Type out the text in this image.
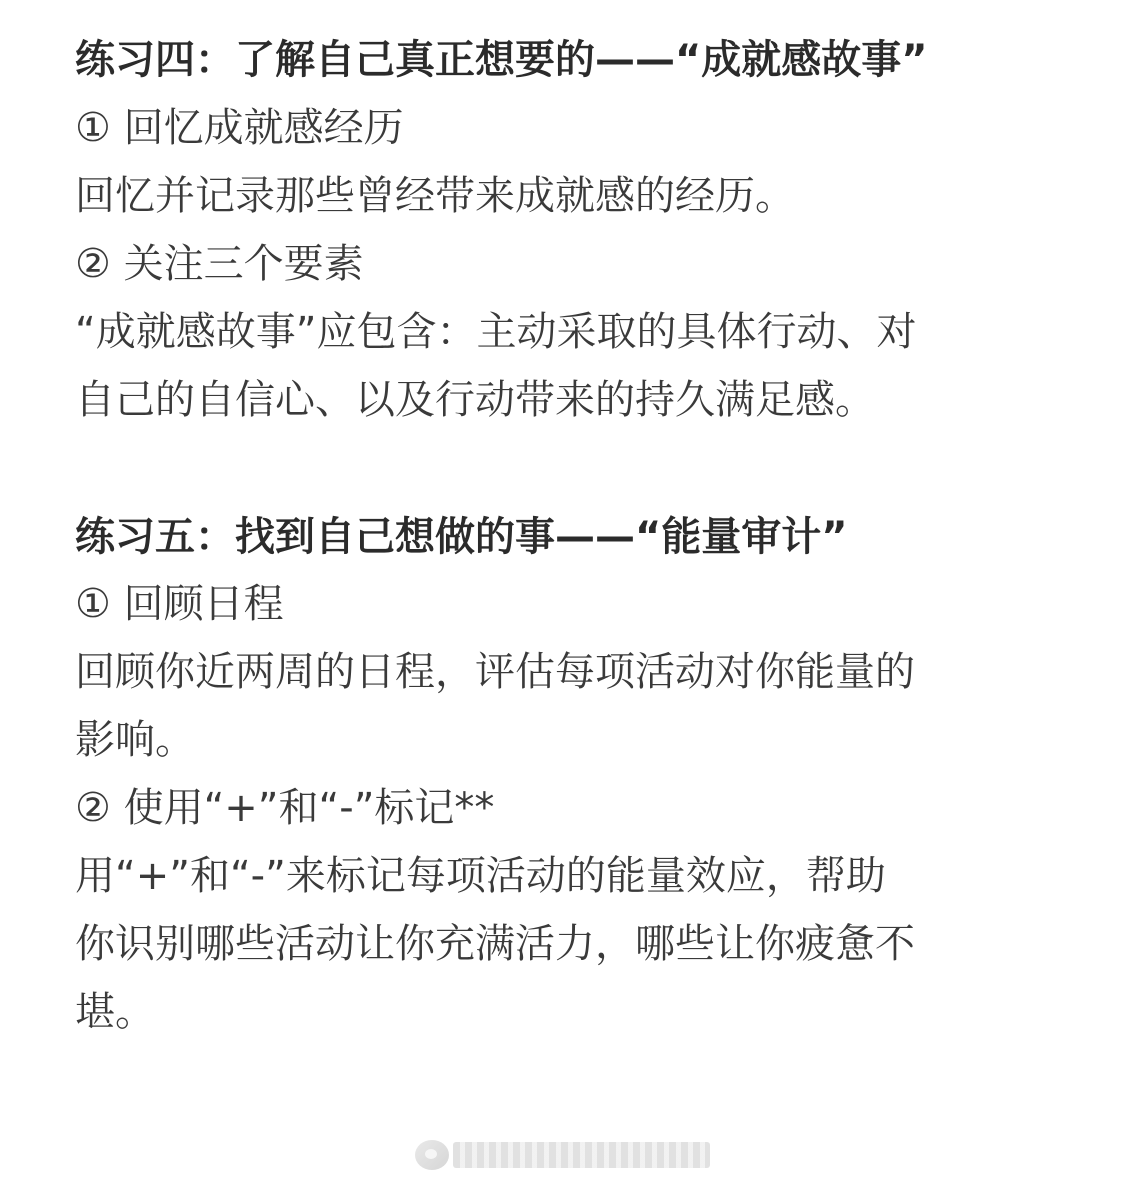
练习四：了解自己真正想要的——“成就感故事”
① 回忆成就感经历
回忆并记录那些曾经带来成就感的经历。
② 关注三个要素
“成就感故事”应包含：主动采取的具体行动、对
自己的自信心、以及行动带来的持久满足感。
练习五：找到自己想做的事——“能量审计”
① 回顾日程
回顾你近两周的日程，评估每项活动对你能量的
影响。
② 使用“+”和“-”标记**
用“+”和“-”来标记每项活动的能量效应，帮助
你识别哪些活动让你充满活力，哪些让你疲惫不
堪。
